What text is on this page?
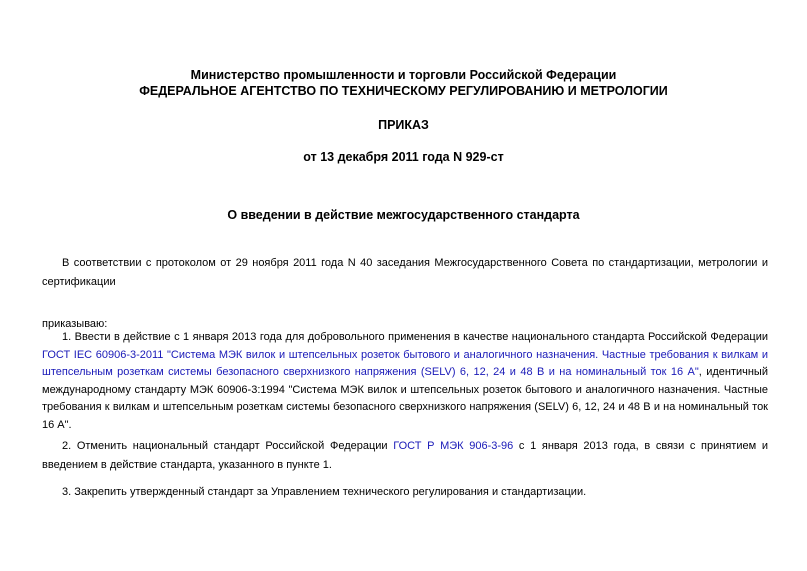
Министерство промышленности и торговли Российской Федерации
ФЕДЕРАЛЬНОЕ АГЕНТСТВО ПО ТЕХНИЧЕСКОМУ РЕГУЛИРОВАНИЮ И МЕТРОЛОГИИ
ПРИКАЗ
от 13 декабря 2011 года N 929-ст
О введении в действие межгосударственного стандарта
В соответствии с протоколом от 29 ноября 2011 года N 40 заседания Межгосударственного Совета по стандартизации, метрологии и сертификации
приказываю:
1. Ввести в действие с 1 января 2013 года для добровольного применения в качестве национального стандарта Российской Федерации ГОСТ IEC 60906-3-2011 "Система МЭК вилок и штепсельных розеток бытового и аналогичного назначения. Частные требования к вилкам и штепсельным розеткам системы безопасного сверхнизкого напряжения (SELV) 6, 12, 24 и 48 В и на номинальный ток 16 А", идентичный международному стандарту МЭК 60906-3:1994 "Система МЭК вилок и штепсельных розеток бытового и аналогичного назначения. Частные требования к вилкам и штепсельным розеткам системы безопасного сверхнизкого напряжения (SELV) 6, 12, 24 и 48 В и на номинальный ток 16 А".
2. Отменить национальный стандарт Российской Федерации ГОСТ Р МЭК 906-3-96 с 1 января 2013 года, в связи с принятием и введением в действие стандарта, указанного в пункте 1.
3. Закрепить утвержденный стандарт за Управлением технического регулирования и стандартизации.
